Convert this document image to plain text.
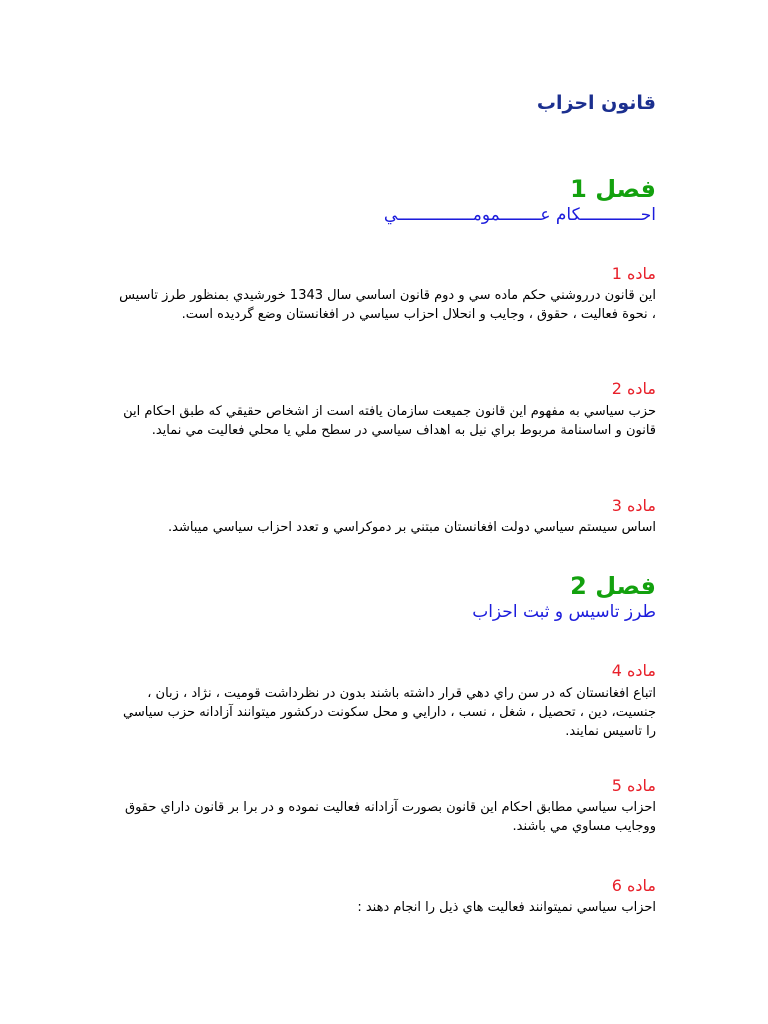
قانون احزاب
فصل 1
احــــــــــــكام عــــــــمومـــــــــــــــي
ماده 1
اين قانون درروشني حكم ماده سي و دوم قانون اساسي سال 1343 خورشيدي بمنظور طرز تاسيس ، نحوة فعاليت ، حقوق ، وجايب و انحلال احزاب سياسي در افغانستان وضع گرديده است.
ماده 2
حزب سياسي به مفهوم اين قانون جميعت سازمان يافته است از اشخاص حقيقي كه طبق احكام اين قانون و اساسنامة مربوط براي نيل به اهداف سياسي در سطح ملي يا محلي فعاليت مي نمايد.
ماده 3
اساس سيستم سياسي دولت افغانستان مبتني بر دموكراسي و تعدد احزاب سياسي ميباشد.
فصل 2
طرز تاسيس و ثبت احزاب
ماده 4
اتباع افغانستان كه در سن راي دهي قرار داشته باشند بدون در نظرداشت قوميت ، نژاد ، زبان ، جنسيت، دين ، تحصيل ، شغل ، نسب ، دارايي و محل سكونت دركشور ميتوانند آزادانه حزب سياسي را تاسيس نمايند.
ماده 5
احزاب سياسي مطابق احكام اين قانون بصورت آزادانه فعاليت نموده و در برا بر قانون داراي حقوق ووجايب مساوي مي باشند.
ماده 6
احزاب سياسي نميتوانند فعاليت هاي ذيل را انجام دهند :
